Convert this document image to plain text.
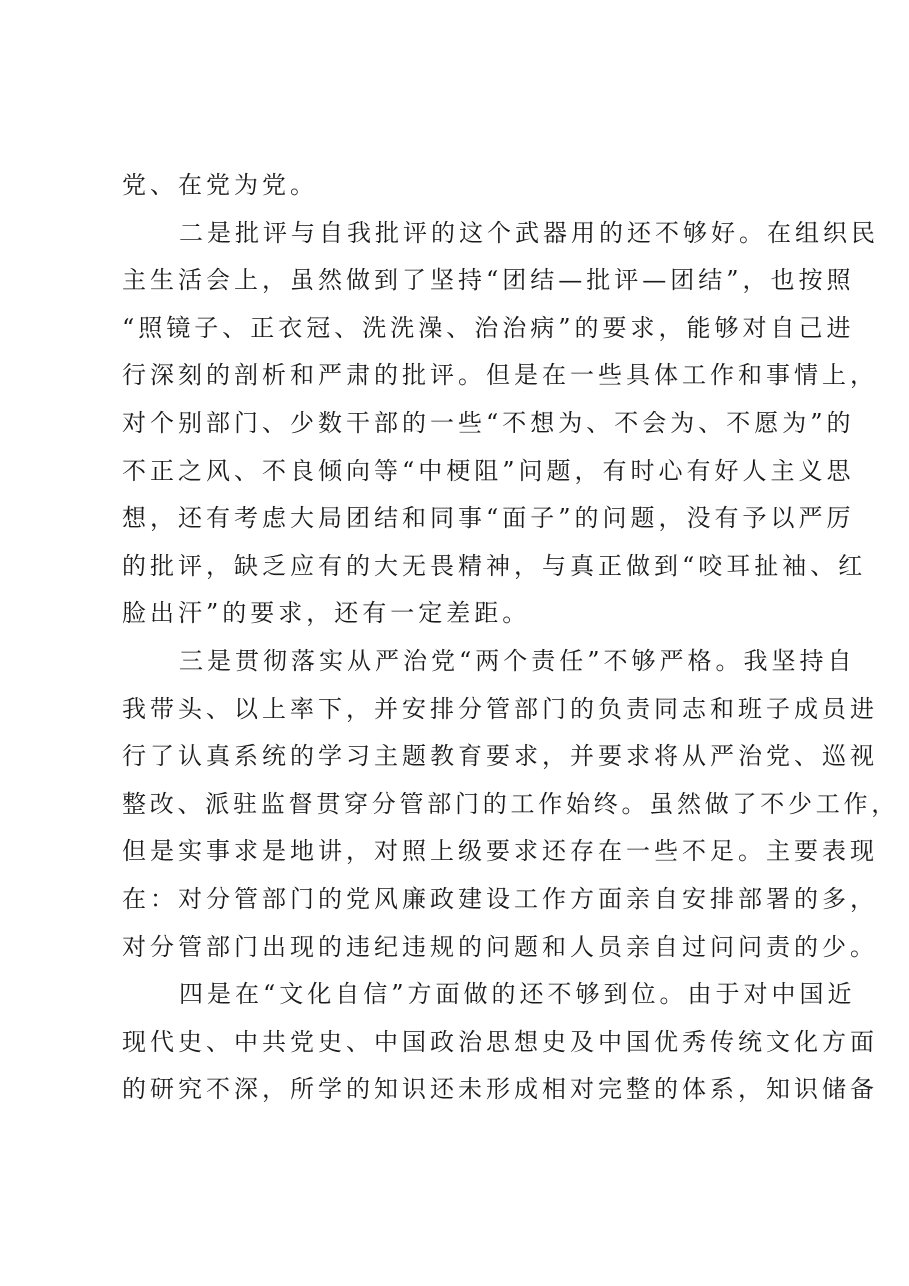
党、在党为党。
二是批评与自我批评的这个武器用的还不够好。在组织民
主生活会上，虽然做到了坚持“团结—批评—团结”，也按照
“照镜子、正衣冠、洗洗澡、治治病”的要求，能够对自己进
行深刻的剖析和严肃的批评。但是在一些具体工作和事情上，
对个别部门、少数干部的一些“不想为、不会为、不愿为”的
不正之风、不良倾向等“中梗阻”问题，有时心有好人主义思
想，还有考虑大局团结和同事“面子”的问题，没有予以严厉
的批评，缺乏应有的大无畏精神，与真正做到“咬耳扯袖、红
脸出汗”的要求，还有一定差距。
三是贯彻落实从严治党“两个责任”不够严格。我坚持自
我带头、以上率下，并安排分管部门的负责同志和班子成员进
行了认真系统的学习主题教育要求，并要求将从严治党、巡视
整改、派驻监督贯穿分管部门的工作始终。虽然做了不少工作，
但是实事求是地讲，对照上级要求还存在一些不足。主要表现
在：对分管部门的党风廉政建设工作方面亲自安排部署的多，
对分管部门出现的违纪违规的问题和人员亲自过问问责的少。
四是在“文化自信”方面做的还不够到位。由于对中国近
现代史、中共党史、中国政治思想史及中国优秀传统文化方面
的研究不深，所学的知识还未形成相对完整的体系，知识储备
